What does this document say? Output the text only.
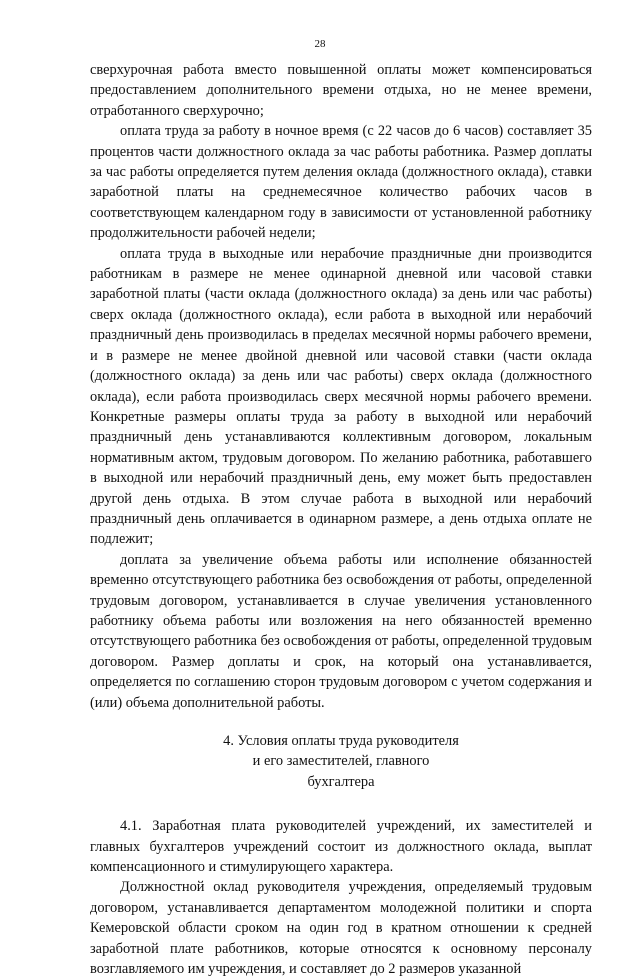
28

сверхурочная работа вместо повышенной оплаты может компенсироваться предоставлением дополнительного времени отдыха, но не менее времени, отработанного сверхурочно;

оплата труда за работу в ночное время (с 22 часов до 6 часов) составляет 35 процентов части должностного оклада за час работы работника. Размер доплаты за час работы определяется путем деления оклада (должностного оклада), ставки заработной платы на среднемесячное количество рабочих часов в соответствующем календарном году в зависимости от установленной работнику продолжительности рабочей недели;

оплата труда в выходные или нерабочие праздничные дни производится работникам в размере не менее одинарной дневной или часовой ставки заработной платы (части оклада (должностного оклада) за день или час работы) сверх оклада (должностного оклада), если работа в выходной или нерабочий праздничный день производилась в пределах месячной нормы рабочего времени, и в размере не менее двойной дневной или часовой ставки (части оклада (должностного оклада) за день или час работы) сверх оклада (должностного оклада), если работа производилась сверх месячной нормы рабочего времени. Конкретные размеры оплаты труда за работу в выходной или нерабочий праздничный день устанавливаются коллективным договором, локальным нормативным актом, трудовым договором. По желанию работника, работавшего в выходной или нерабочий праздничный день, ему может быть предоставлен другой день отдыха. В этом случае работа в выходной или нерабочий праздничный день оплачивается в одинарном размере, а день отдыха оплате не подлежит;

доплата за увеличение объема работы или исполнение обязанностей временно отсутствующего работника без освобождения от работы, определенной трудовым договором, устанавливается в случае увеличения установленного работнику объема работы или возложения на него обязанностей временно отсутствующего работника без освобождения от работы, определенной трудовым договором. Размер доплаты и срок, на который она устанавливается, определяется по соглашению сторон трудовым договором с учетом содержания и (или) объема дополнительной работы.

4. Условия оплаты труда руководителя
и его заместителей, главного
бухгалтера

4.1. Заработная плата руководителей учреждений, их заместителей и главных бухгалтеров учреждений состоит из должностного оклада, выплат компенсационного и стимулирующего характера.

Должностной оклад руководителя учреждения, определяемый трудовым договором, устанавливается департаментом молодежной политики и спорта Кемеровской области сроком на один год в кратном отношении к средней заработной плате работников, которые относятся к основному персоналу возглавляемого им учреждения, и составляет до 2 размеров указанной
